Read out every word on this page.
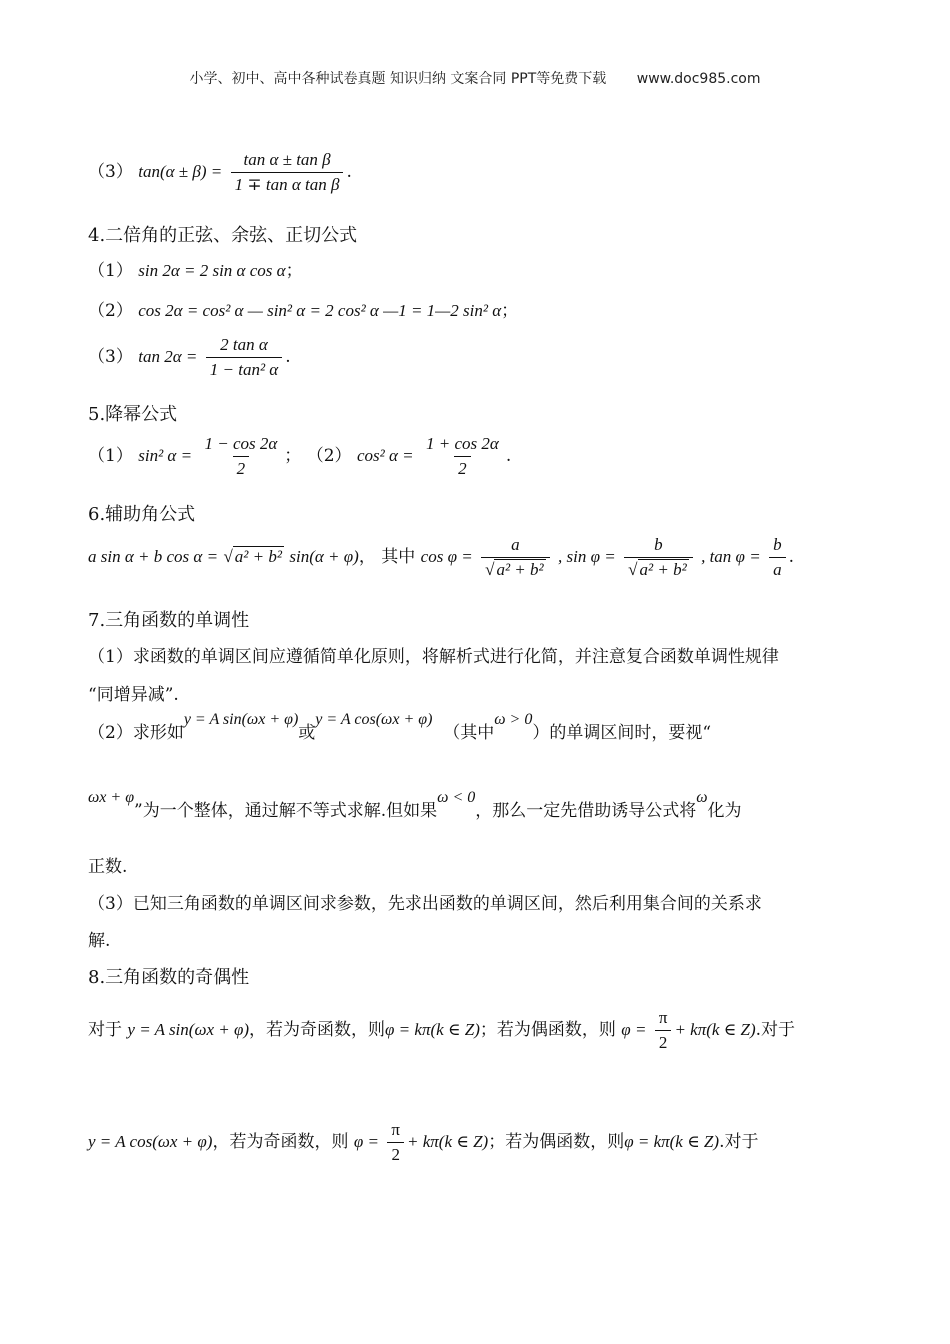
小学、初中、高中各种试卷真题 知识归纳 文案合同 PPT等免费下载 www.doc985.com
（3） $\tan(\alpha \pm \beta) = \frac{\text{tan α ± tan β}}{\text{1 ∓ tan α tan β}}$ .
4.二倍角的正弦、余弦、正切公式
（1） sin 2α = 2 sin α cos α；
（2） cos 2α = cos² α — sin² α = 2 cos² α —1 = 1—2 sin² α；
（3） $\tan 2\alpha = \frac{\text{2 tan α}}{\text{1 − tan² α}}$ .
5.降幂公式
（1） sin² $\alpha = \frac{1 - \cos 2\alpha}{2}$ ； （2） cos² $\alpha = \frac{1 + \cos 2\alpha}{2}$ .
6.辅助角公式
a sin α + b cos α = √ a² + b² sin(α + φ)， 其中 $\cos \varphi = \frac{a}{\text{√ a² + b²}}$ , $\sin \varphi = \frac{b}{\text{√ a² + b²}}$ , $\tan \varphi = \frac{b}{a}$ .
7.三角函数的单调性
（1）求函数的单调区间应遵循简单化原则，将解析式进行化简，并注意复合函数单调性规律
“同增异减”.
（2）求形如y = A sin(ωx + φ)或y = A cos(ωx + φ)  （其中ω > 0）的单调区间时，要视“
ωx + φ”为一个整体，通过解不等式求解.但如果ω < 0，那么一定先借助诱导公式将ω化为
正数.
（3）已知三角函数的单调区间求参数，先求出函数的单调区间，然后利用集合间的关系求
解.
8.三角函数的奇偶性
对于 y = A sin(ωx + φ)，若为奇函数，则φ = kπ(k ∈ Z)；若为偶函数，则 $\varphi = \frac{\pi}{2} + k\pi(k$ ∈ Z).对于
y = A cos(ωx + φ)，若为奇函数，则 $\varphi = \frac{\pi}{2} + k\pi(k$ ∈ Z)；若为偶函数，则φ = kπ(k ∈ Z).对于
